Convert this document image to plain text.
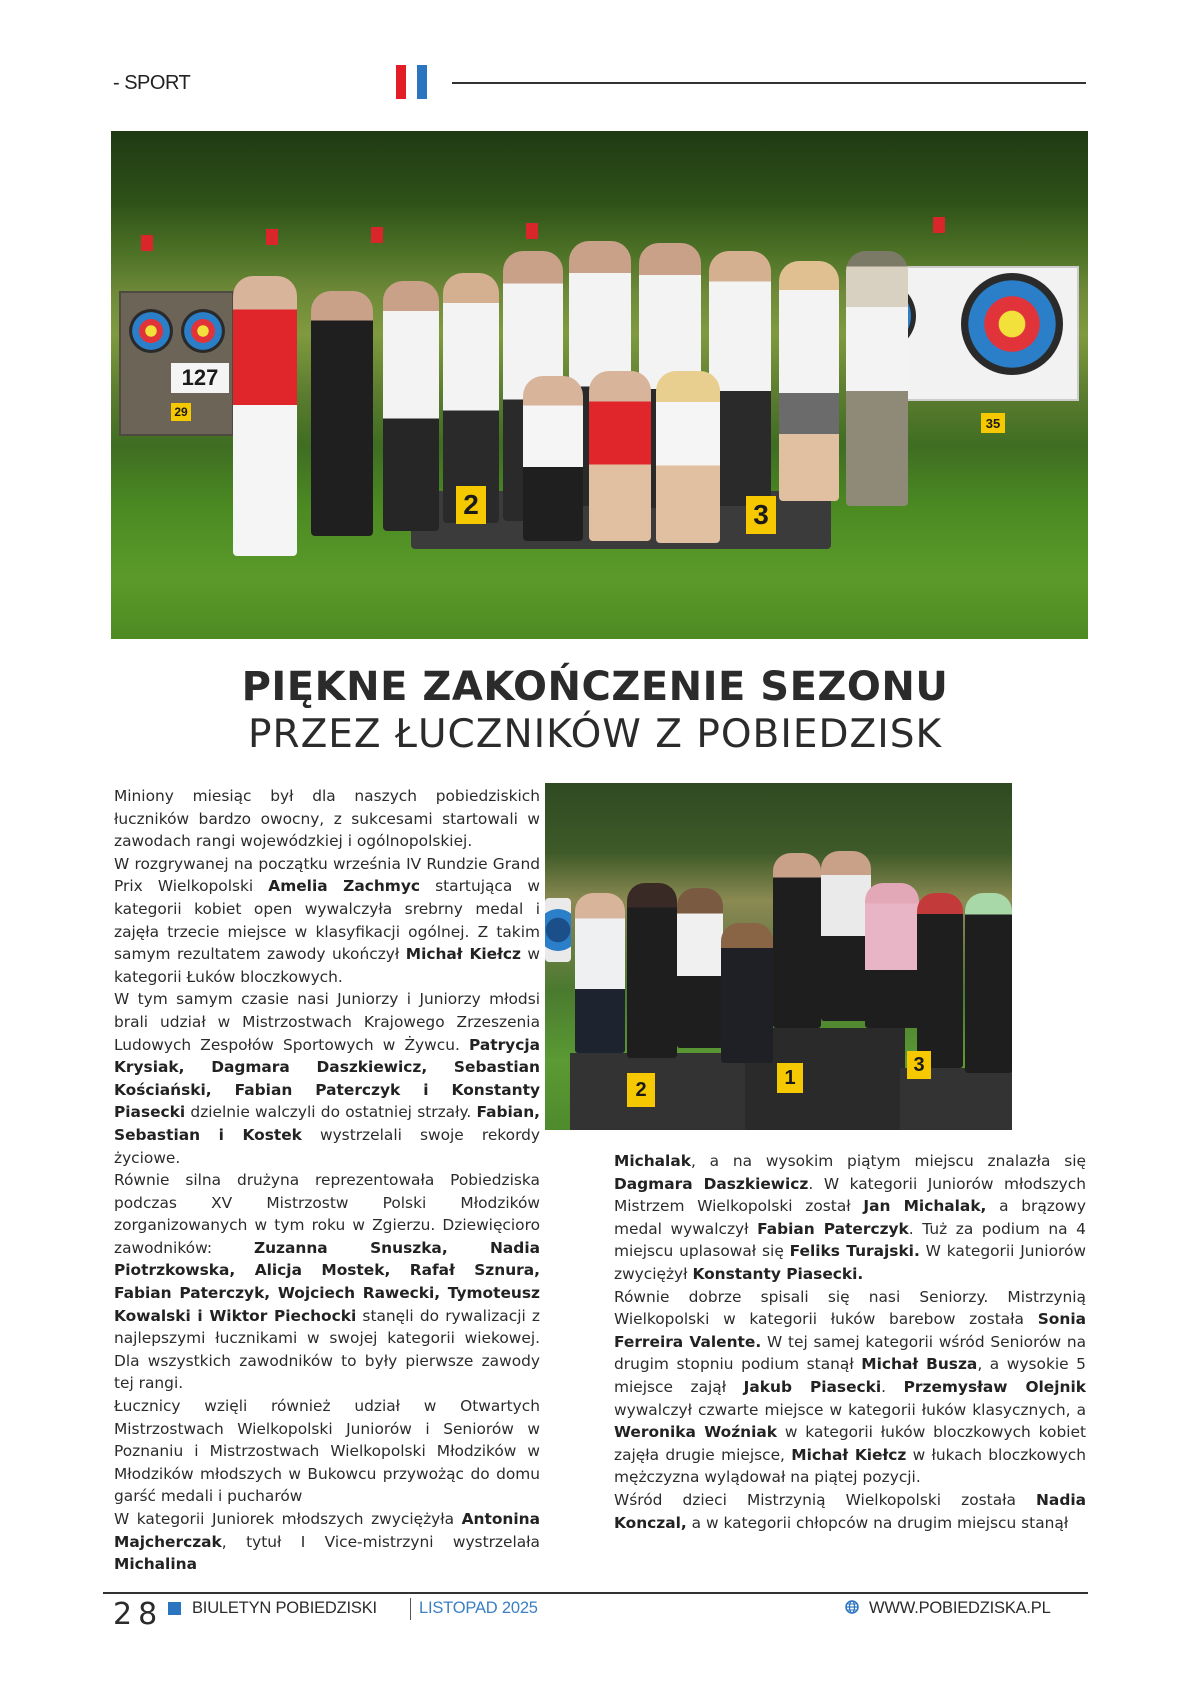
- SPORT
127
29
35
2	3
PIĘKNE ZAKOŃCZENIE SEZONU
PRZEZ ŁUCZNIKÓW Z POBIEDZISK

Miniony miesiąc był dla naszych pobiedziskich łuczników bardzo owocny, z sukcesami startowali w zawodach rangi wojewódzkiej i ogólnopolskiej.

W rozgrywanej na początku września IV Rundzie Grand Prix Wielkopolski Amelia Zachmyc startująca w kategorii kobiet open wywalczyła srebrny medal i zajęła trzecie miejsce w klasyfikacji ogólnej. Z takim samym rezultatem zawody ukończył Michał Kiełcz w kategorii Łuków bloczkowych.

W tym samym czasie nasi Juniorzy i Juniorzy młodsi brali udział w Mistrzostwach Krajowego Zrzeszenia Ludowych Zespołów Sportowych w Żywcu. Patrycja Krysiak, Dagmara Daszkiewicz, Sebastian Kościański, Fabian Paterczyk i Konstanty Piasecki dzielnie walczyli do ostatniej strzały. Fabian, Sebastian i Kostek wystrzelali swoje rekordy życiowe.

Równie silna drużyna reprezentowała Pobiedziska podczas XV Mistrzostw Polski Młodzików zorganizowanych w tym roku w Zgierzu. Dziewięcioro zawodników: Zuzanna Snuszka, Nadia Piotrzkowska, Alicja Mostek, Rafał Sznura, Fabian Paterczyk, Wojciech Rawecki, Tymoteusz Kowalski i Wiktor Piechocki stanęli do rywalizacji z najlepszymi łucznikami w swojej kategorii wiekowej. Dla wszystkich zawodników to były pierwsze zawody tej rangi.

Łucznicy wzięli również udział w Otwartych Mistrzostwach Wielkopolski Juniorów i Seniorów w Poznaniu i Mistrzostwach Wielkopolski Młodzików w Młodzików młodszych w Bukowcu przywożąc do domu garść medali i pucharów

W kategorii Juniorek młodszych zwyciężyła Antonina Majcherczak, tytuł I Vice-mistrzyni wystrzelała Michalina

2
1
3

Michalak, a na wysokim piątym miejscu znalazła się Dagmara Daszkiewicz. W kategorii Juniorów młodszych Mistrzem Wielkopolski został Jan Michalak, a brązowy medal wywalczył Fabian Paterczyk. Tuż za podium na 4 miejscu uplasował się Feliks Turajski. W kategorii Juniorów zwyciężył Konstanty Piasecki.

Równie dobrze spisali się nasi Seniorzy. Mistrzynią Wielkopolski w kategorii łuków barebow została Sonia Ferreira Valente. W tej samej kategorii wśród Seniorów na drugim stopniu podium stanął Michał Busza, a wysokie 5 miejsce zajął Jakub Piasecki. Przemysław Olejnik wywalczył czwarte miejsce w kategorii łuków klasycznych, a Weronika Woźniak w kategorii łuków bloczkowych kobiet zajęła drugie miejsce, Michał Kiełcz w łukach bloczkowych mężczyzna wylądował na piątej pozycji.

Wśród dzieci Mistrzynią Wielkopolski została Nadia Konczal, a w kategorii chłopców na drugim miejscu stanął

28 BIULETYN POBIEDZISKI	LISTOPAD 2025	WWW.POBIEDZISKA.PL
